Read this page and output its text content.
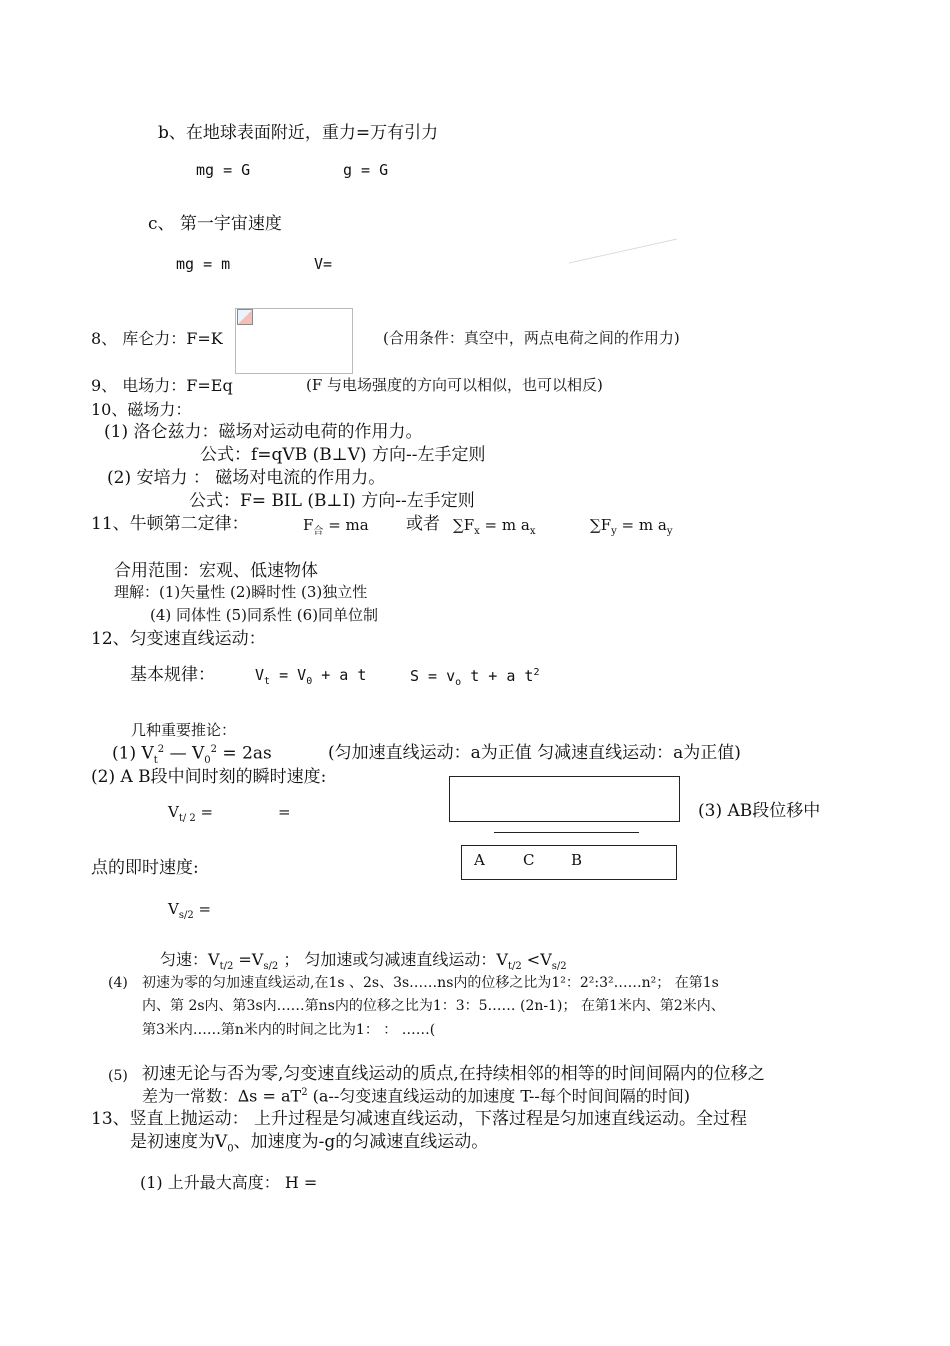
b、在地球表面附近，重力=万有引力
mg = G	g = G
c、 第一宇宙速度
mg = m	V=
8、 库仑力：F=K	(合用条件：真空中，两点电荷之间的作用力)
9、 电场力：F=Eq	(F 与电场强度的方向可以相似，也可以相反)
10、磁场力：
(1) 洛仑兹力：磁场对运动电荷的作用力。
公式：f=qVB (B⊥V) 方向--左手定则
(2) 安培力 ： 磁场对电流的作用力。
公式：F= BIL (B⊥I) 方向--左手定则
11、牛顿第二定律：	$F_合$ = ma 或者 $\sum F_x = m$ $a_x$	$\sum F_y = m$ $a_y$
合用范围：宏观、低速物体
理解：(1)矢量性 (2)瞬时性 (3)独立性
(4) 同体性 (5)同系性 (6)同单位制
12、匀变速直线运动：
基本规律：	$V_t = V_0 + a$ t	$S = v_o$ t + a $t^2$
几种重要推论：
(1) $V_t^2$ — $V_0^2 = 2as$	(匀加速直线运动：a为正值 匀减速直线运动：a为正值)
(2) A B段中间时刻的瞬时速度:
$V_{t/ 2}$ =	=	(3) AB段位移中
A	C B
点的即时速度:
$V_{s/2}$ =
匀速：$V_{t/2} =V_{s/2}$ ； 匀加速或匀减速直线运动：$V_{t/2} <V_{s/2}$
(4) 初速为零的匀加速直线运动,在1s 、2s、3s……ns内的位移之比为1²：2²:3²……n²； 在第1s
内、第 2s内、第3s内……第ns内的位移之比为1：3：5…… (2n-1)； 在第1米内、第2米内、
第3米内……第n米内的时间之比为1： ： ……(
(5) 初速无论与否为零,匀变速直线运动的质点,在持续相邻的相等的时间间隔内的位移之
差为一常数：$\Delta s = aT^2$ (a--匀变速直线运动的加速度 T--每个时间间隔的时间)
13、竖直上抛运动： 上升过程是匀减速直线运动，下落过程是匀加速直线运动。全过程
是初速度为$V_0$、加速度为-g的匀减速直线运动。
(1) 上升最大高度： H =
